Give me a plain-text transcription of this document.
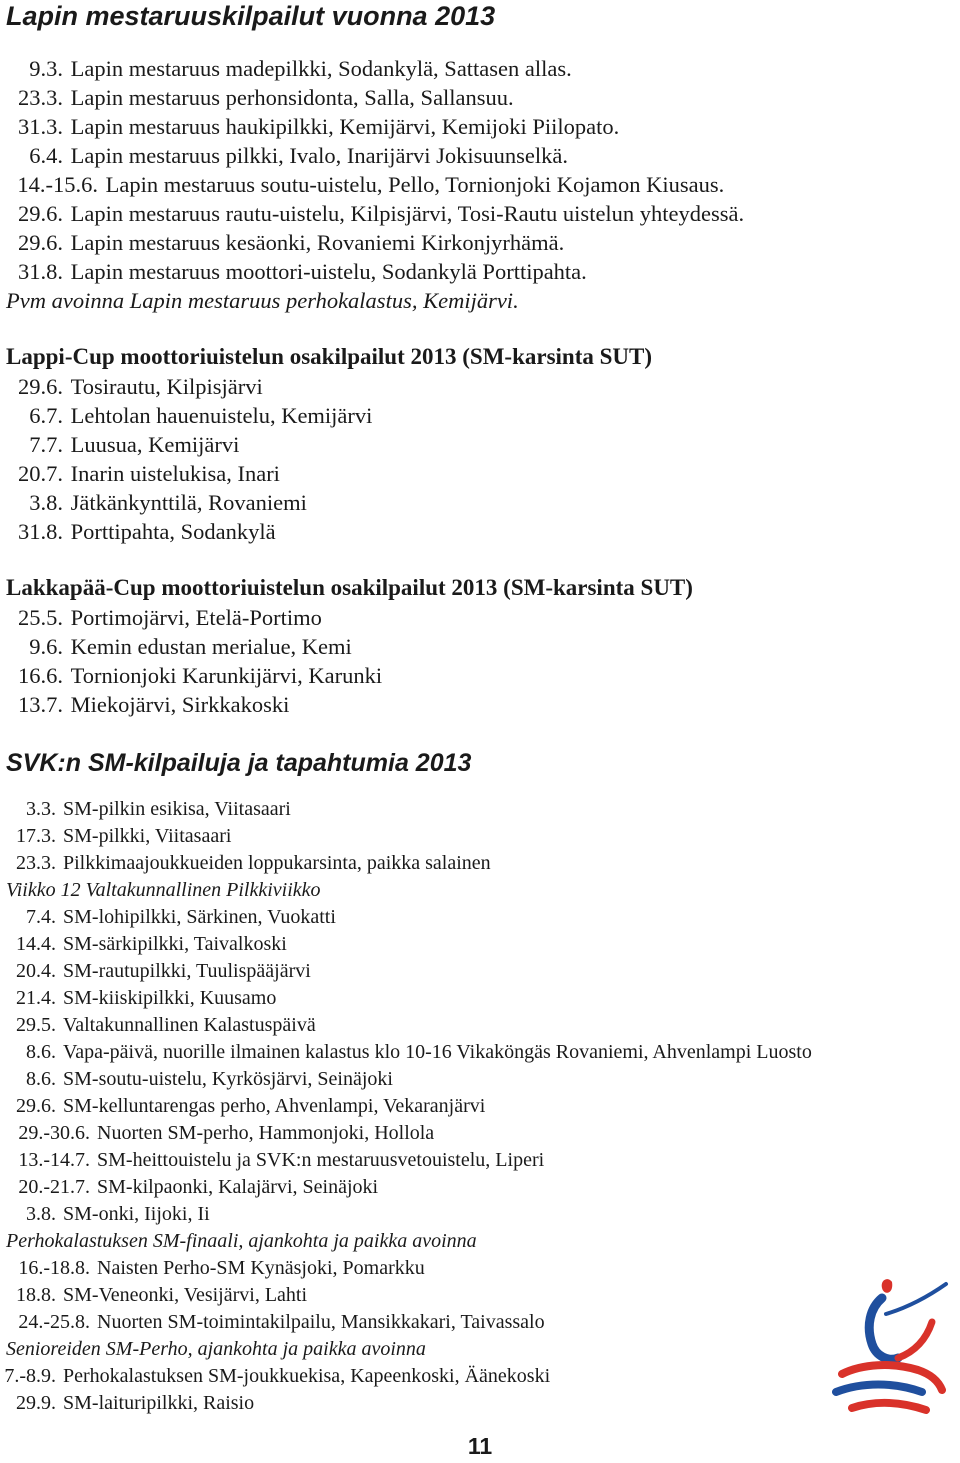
Lapin mestaruuskilpailut vuonna 2013
9.3. Lapin mestaruus madepilkki, Sodankylä, Sattasen allas.
23.3. Lapin mestaruus perhonsidonta, Salla, Sallansuu.
31.3. Lapin mestaruus haukipilkki, Kemijärvi, Kemijoki Piilopato.
6.4. Lapin mestaruus pilkki, Ivalo, Inarijärvi Jokisuunselkä.
14.-15.6. Lapin mestaruus soutu-uistelu, Pello, Tornionjoki Kojamon Kiusaus.
29.6. Lapin mestaruus rautu-uistelu, Kilpisjärvi, Tosi-Rautu uistelun yhteydessä.
29.6. Lapin mestaruus kesäonki, Rovaniemi Kirkonjyrhämä.
31.8. Lapin mestaruus moottori-uistelu, Sodankylä Porttipahta.
Pvm avoinna Lapin mestaruus perhokalastus, Kemijärvi.
Lappi-Cup moottoriuistelun osakilpailut 2013 (SM-karsinta SUT)
29.6. Tosirautu, Kilpisjärvi
6.7. Lehtolan hauenuistelu, Kemijärvi
7.7. Luusua, Kemijärvi
20.7. Inarin uistelukisa, Inari
3.8. Jätkänkynttilä, Rovaniemi
31.8. Porttipahta, Sodankylä
Lakkapää-Cup moottoriuistelun osakilpailut 2013 (SM-karsinta SUT)
25.5. Portimojärvi, Etelä-Portimo
9.6. Kemin edustan merialue, Kemi
16.6. Tornionjoki Karunkijärvi, Karunki
13.7. Miekojärvi, Sirkkakoski
SVK:n SM-kilpailuja ja tapahtumia 2013
3.3. SM-pilkin esikisa, Viitasaari
17.3. SM-pilkki, Viitasaari
23.3. Pilkkimaajoukkueiden loppukarsinta, paikka salainen
Viikko 12 Valtakunnallinen Pilkkiviikko
7.4. SM-lohipilkki, Särkinen, Vuokatti
14.4. SM-särkipilkki, Taivalkoski
20.4. SM-rautupilkki, Tuulispääjärvi
21.4. SM-kiiskipilkki, Kuusamo
29.5. Valtakunnallinen Kalastuspäivä
8.6. Vapa-päivä, nuorille ilmainen kalastus klo 10-16 Vikaköngäs Rovaniemi, Ahvenlampi Luosto
8.6. SM-soutu-uistelu, Kyrkösjärvi, Seinäjoki
29.6. SM-kelluntarengas perho, Ahvenlampi, Vekaranjärvi
29.-30.6. Nuorten SM-perho, Hammonjoki, Hollola
13.-14.7. SM-heittouistelu ja SVK:n mestaruusvetouistelu, Liperi
20.-21.7. SM-kilpaonki, Kalajärvi, Seinäjoki
3.8. SM-onki, Iijoki, Ii
Perhokalastuksen SM-finaali, ajankohta ja paikka avoinna
16.-18.8. Naisten Perho-SM Kynäsjoki, Pomarkku
18.8. SM-Veneonki, Vesijärvi, Lahti
24.-25.8. Nuorten SM-toimintakilpailu, Mansikkakari, Taivassalo
Senioreiden SM-Perho, ajankohta ja paikka avoinna
7.-8.9. Perhokalastuksen SM-joukkuekisa, Kapeenkoski, Äänekoski
29.9. SM-laituripilkki, Raisio
11
